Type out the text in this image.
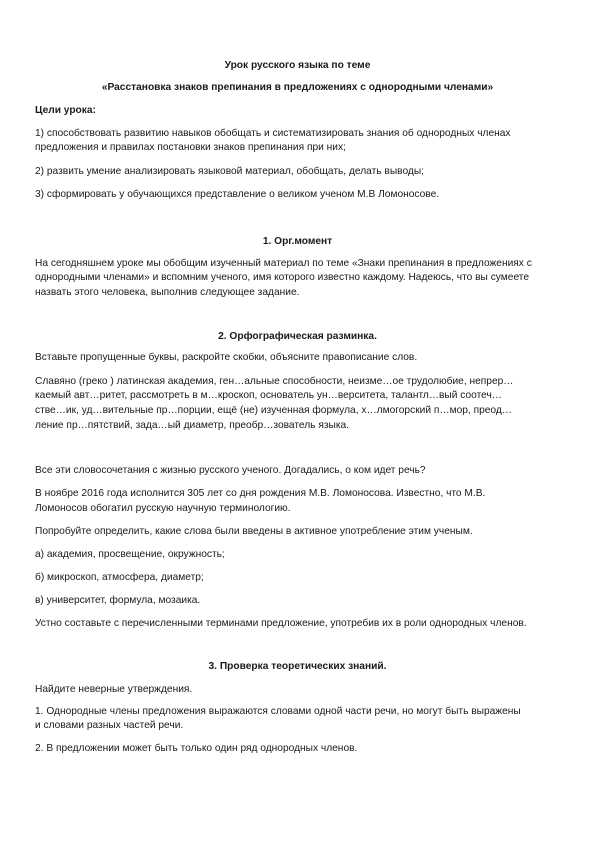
Урок русского языка по теме
«Расстановка знаков препинания в предложениях с однородными членами»
Цели урока:
1) способствовать развитию навыков обобщать и систематизировать знания об однородных членах
предложения и правилах постановки знаков препинания при них;
2) развить умение анализировать языковой материал, обобщать, делать выводы;
3) сформировать у обучающихся представление о великом ученом М.В Ломоносове.
1. Орг.момент
На сегодняшнем уроке мы обобщим изученный материал по теме «Знаки препинания в предложениях с
однородными членами» и вспомним ученого, имя которого известно каждому. Надеюсь, что вы сумеете
назвать этого человека, выполнив следующее задание.
2. Орфографическая разминка.
Вставьте пропущенные буквы, раскройте скобки, объясните правописание слов.
Славяно (греко ) латинская академия, ген…альные способности, неизме…ое трудолюбие, непрер…
каемый авт…ритет, рассмотреть в м…кроскоп, основатель ун…верситета, талантл…вый соотеч…
стве…ик, уд…вительные пр…порции, ещё (не) изученная формула, х…лмогорский п…мор, преод…
ление пр…пятствий, зада…ый диаметр, преобр…зователь языка.
Все эти словосочетания с жизнью русского ученого. Догадались, о ком идет речь?
В ноябре 2016 года исполнится 305 лет со дня рождения М.В. Ломоносова. Известно, что М.В.
Ломоносов обогатил русскую научную терминологию.
Попробуйте определить, какие слова были введены в активное употребление этим ученым.
а) академия, просвещение, окружность;
б) микроскоп, атмосфера, диаметр;
в) университет, формула, мозаика.
Устно составьте с перечисленными терминами предложение, употребив их в роли однородных членов.
3. Проверка теоретических знаний.
Найдите неверные утверждения.
1. Однородные члены предложения выражаются словами одной части речи, но могут быть выражены
и словами разных частей речи.
2. В предложении может быть только один ряд однородных членов.
